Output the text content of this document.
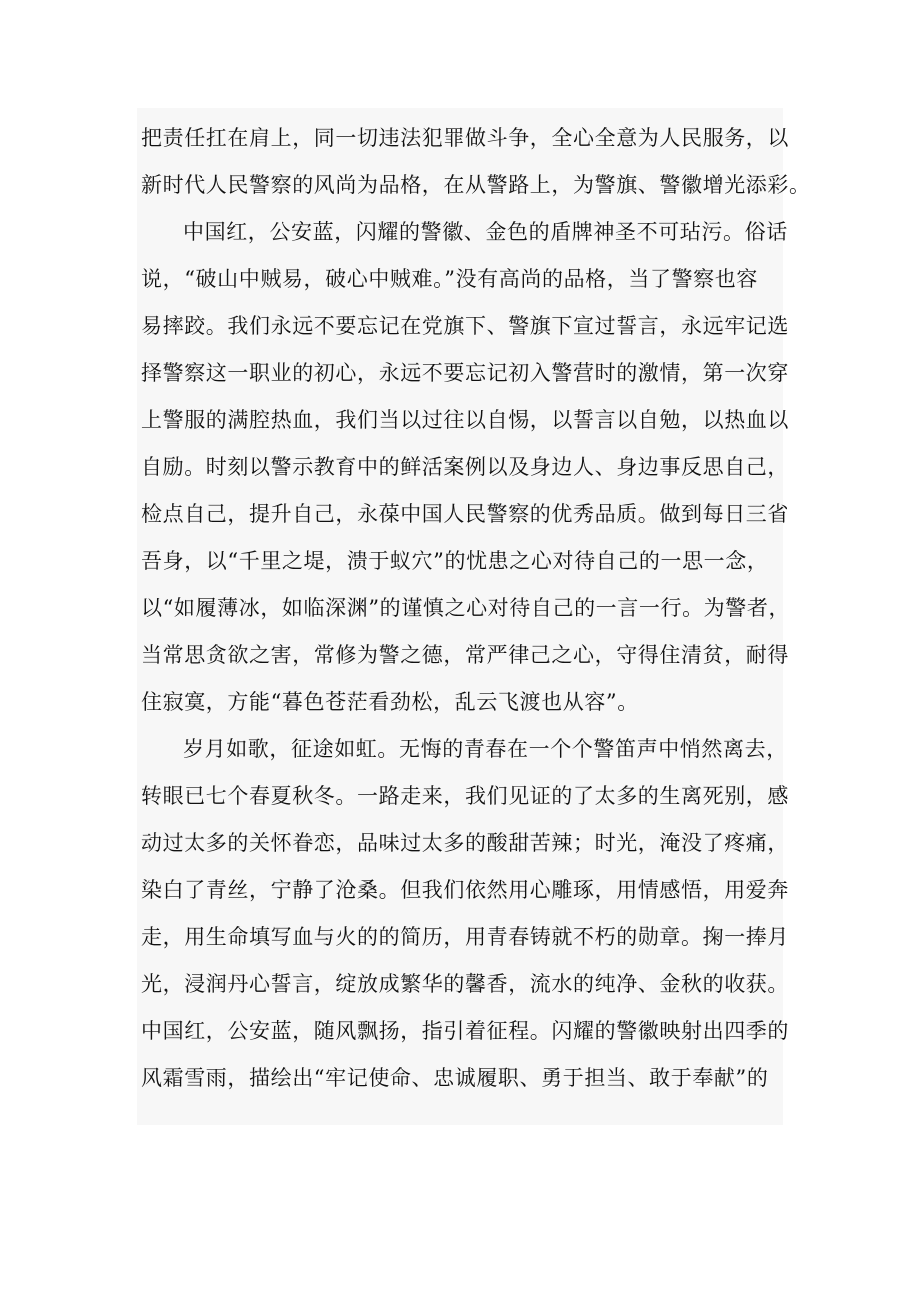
把责任扛在肩上，同一切违法犯罪做斗争，全心全意为人民服务，以
新时代人民警察的风尚为品格，在从警路上，为警旗、警徽增光添彩。
中国红，公安蓝，闪耀的警徽、金色的盾牌神圣不可玷污。俗话
说，“破山中贼易，破心中贼难。”没有高尚的品格，当了警察也容
易摔跤。我们永远不要忘记在党旗下、警旗下宣过誓言，永远牢记选
择警察这一职业的初心，永远不要忘记初入警营时的激情，第一次穿
上警服的满腔热血，我们当以过往以自惕，以誓言以自勉，以热血以
自励。时刻以警示教育中的鲜活案例以及身边人、身边事反思自己，
检点自己，提升自己，永葆中国人民警察的优秀品质。做到每日三省
吾身，以“千里之堤，溃于蚁穴”的忧患之心对待自己的一思一念，
以“如履薄冰，如临深渊”的谨慎之心对待自己的一言一行。为警者，
当常思贪欲之害，常修为警之德，常严律己之心，守得住清贫，耐得
住寂寞，方能“暮色苍茫看劲松，乱云飞渡也从容”。
岁月如歌，征途如虹。无悔的青春在一个个警笛声中悄然离去，
转眼已七个春夏秋冬。一路走来，我们见证的了太多的生离死别，感
动过太多的关怀眷恋，品味过太多的酸甜苦辣；时光，淹没了疼痛，
染白了青丝，宁静了沧桑。但我们依然用心雕琢，用情感悟，用爱奔
走，用生命填写血与火的的简历，用青春铸就不朽的勋章。掬一捧月
光，浸润丹心誓言，绽放成繁华的馨香，流水的纯净、金秋的收获。
中国红，公安蓝，随风飘扬，指引着征程。闪耀的警徽映射出四季的
风霜雪雨，描绘出“牢记使命、忠诚履职、勇于担当、敢于奉献”的
